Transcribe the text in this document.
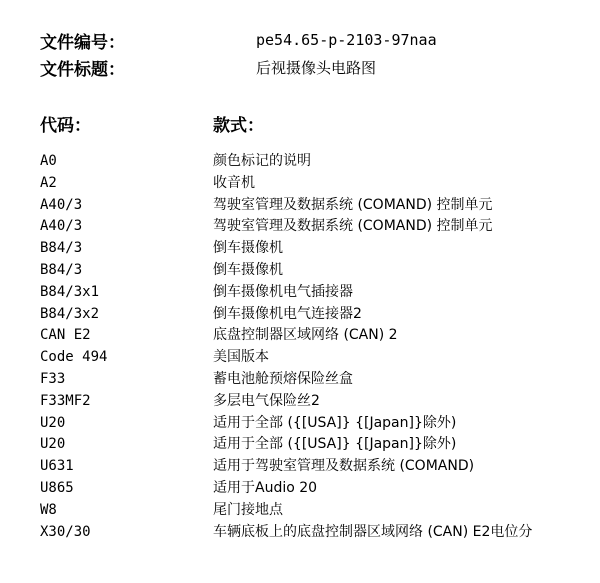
文件编号：	pe54.65-p-2103-97naa
文件标题：	后视摄像头电路图
代码：	款式：
A0	颜色标记的说明
A2	收音机
A40/3	驾驶室管理及数据系统 (COMAND) 控制单元
A40/3	驾驶室管理及数据系统 (COMAND) 控制单元
B84/3	倒车摄像机
B84/3	倒车摄像机
B84/3x1	倒车摄像机电气插接器
B84/3x2	倒车摄像机电气连接器2
CAN E2	底盘控制器区域网络 (CAN) 2
Code 494	美国版本
F33	蓄电池舱预熔保险丝盒
F33MF2	多层电气保险丝2
U20	适用于全部 ({[USA]} {[Japan]}除外)
U20	适用于全部 ({[USA]} {[Japan]}除外)
U631	适用于驾驶室管理及数据系统 (COMAND)
U865	适用于Audio 20
W8	尾门接地点
X30/30	车辆底板上的底盘控制器区域网络 (CAN) E2电位分
